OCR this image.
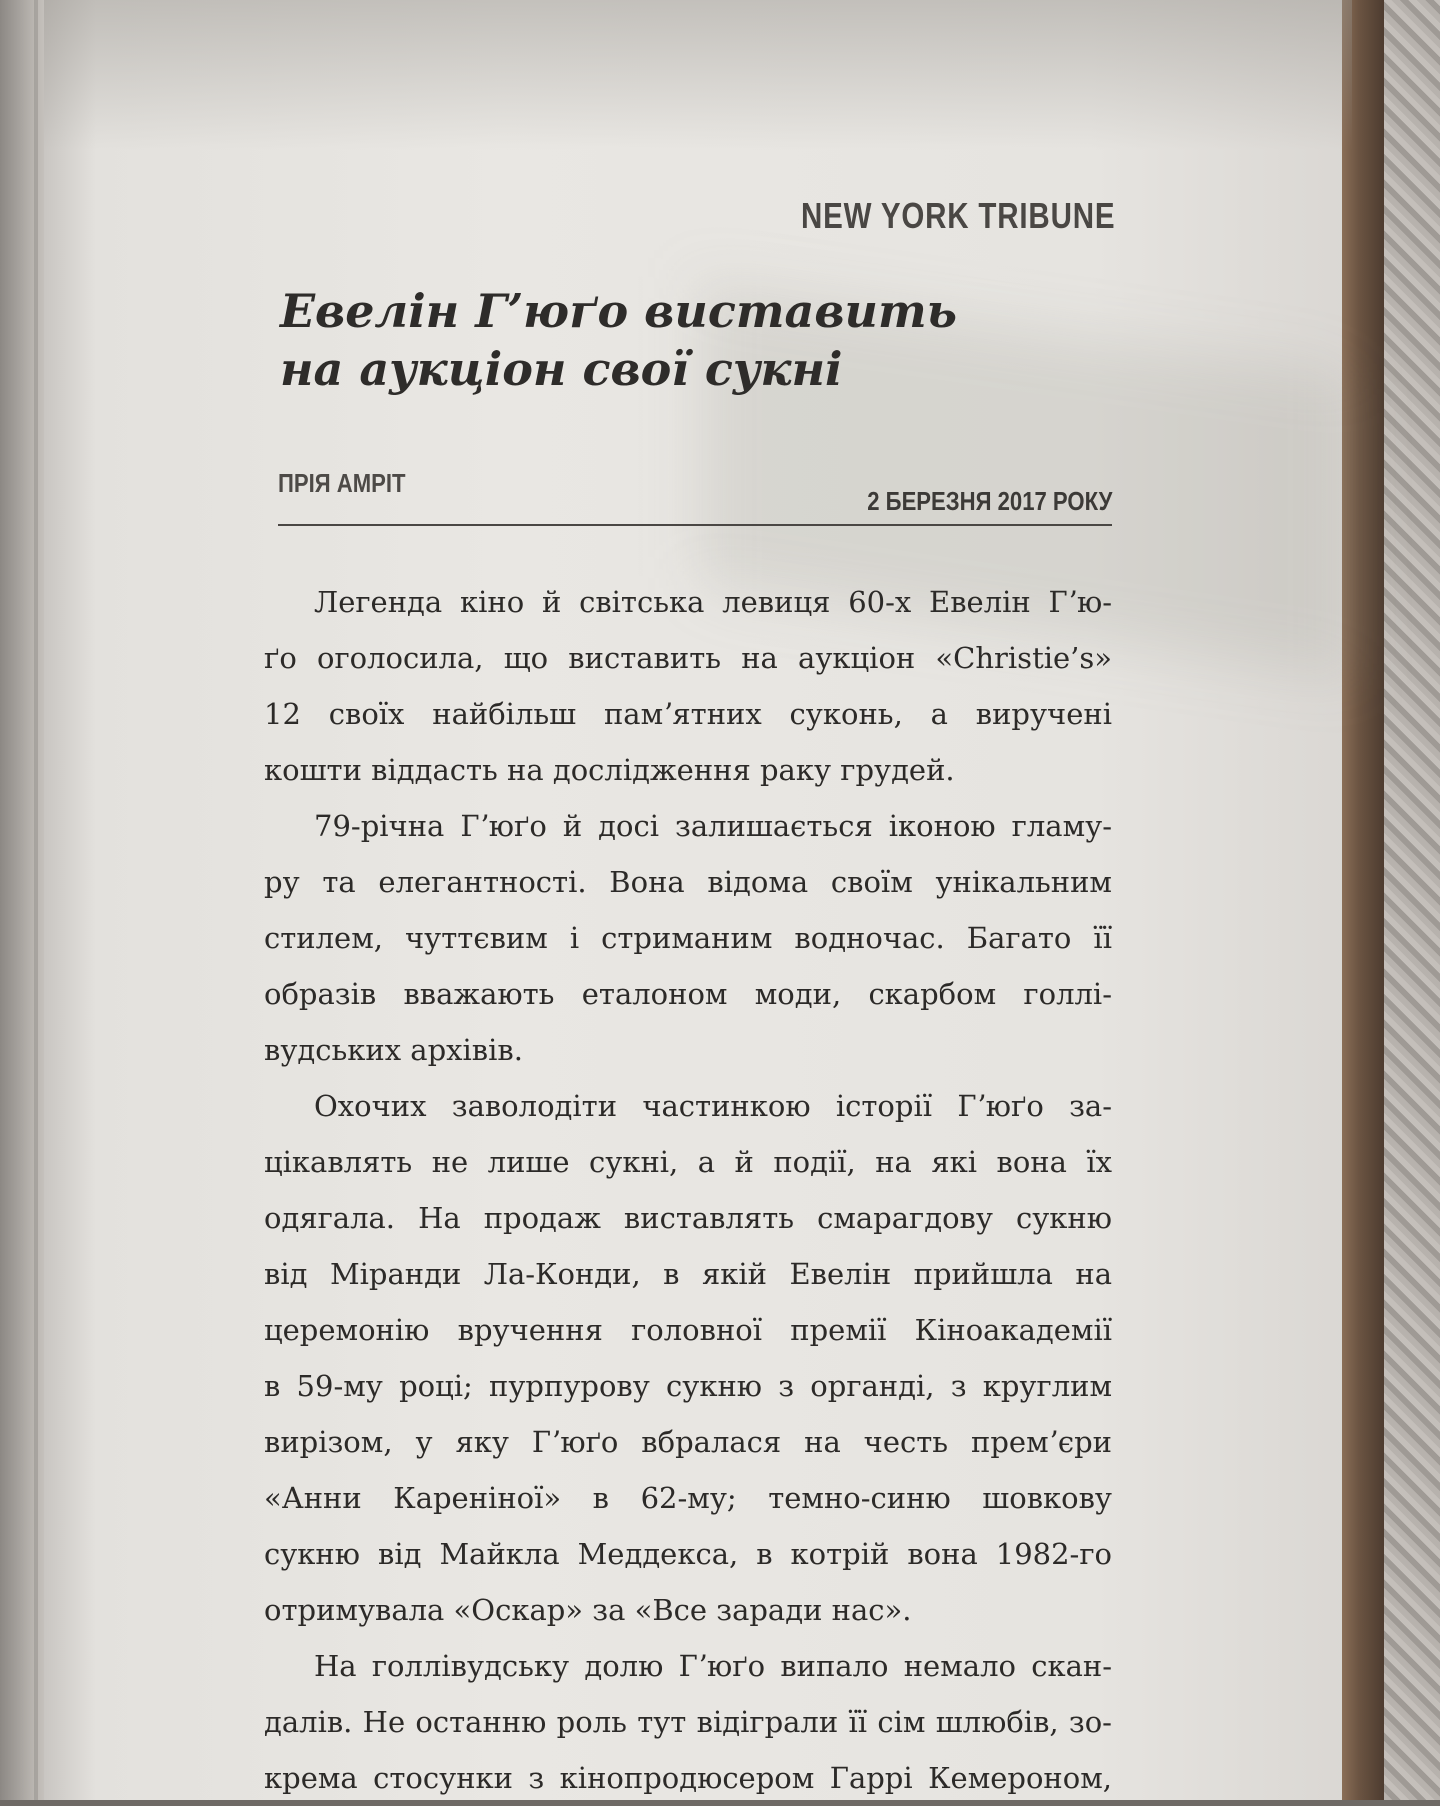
NEW YORK TRIBUNE

Евелін Гʼюґо виставить
на аукціон свої сукні
ПРІЯ АМРІТ
2 БЕРЕЗНЯ 2017 РОКУ

Легенда кіно й світська левиця 60-х Евелін Гʼю-
ґо оголосила, що виставить на аукціон «Christie’s»
12 своїх найбільш памʼятних суконь, а виручені
кошти віддасть на дослідження раку грудей.

79-річна Гʼюґо й досі залишається іконою гламу-
ру та елегантності. Вона відома своїм унікальним
стилем, чуттєвим і стриманим водночас. Багато її
образів вважають еталоном моди, скарбом голлі-
вудських архівів.

Охочих заволодіти частинкою історії Гʼюґо за-
цікавлять не лише сукні, а й події, на які вона їх
одягала. На продаж виставлять смарагдову сукню
від Міранди Ла-Конди, в якій Евелін прийшла на
церемонію вручення головної премії Кіноакадемії
в 59-му році; пурпурову сукню з органді, з круглим
вирізом, у яку Гʼюґо вбралася на честь премʼєри
«Анни Кареніної» в 62-му; темно-синю шовкову
сукню від Майкла Меддекса, в котрій вона 1982-го
отримувала «Оскар» за «Все заради нас».

На голлівудську долю Гʼюґо випало немало скан-
далів. Не останню роль тут відіграли її сім шлюбів, зо-
крема стосунки з кінопродюсером Гаррі Кемероном,
